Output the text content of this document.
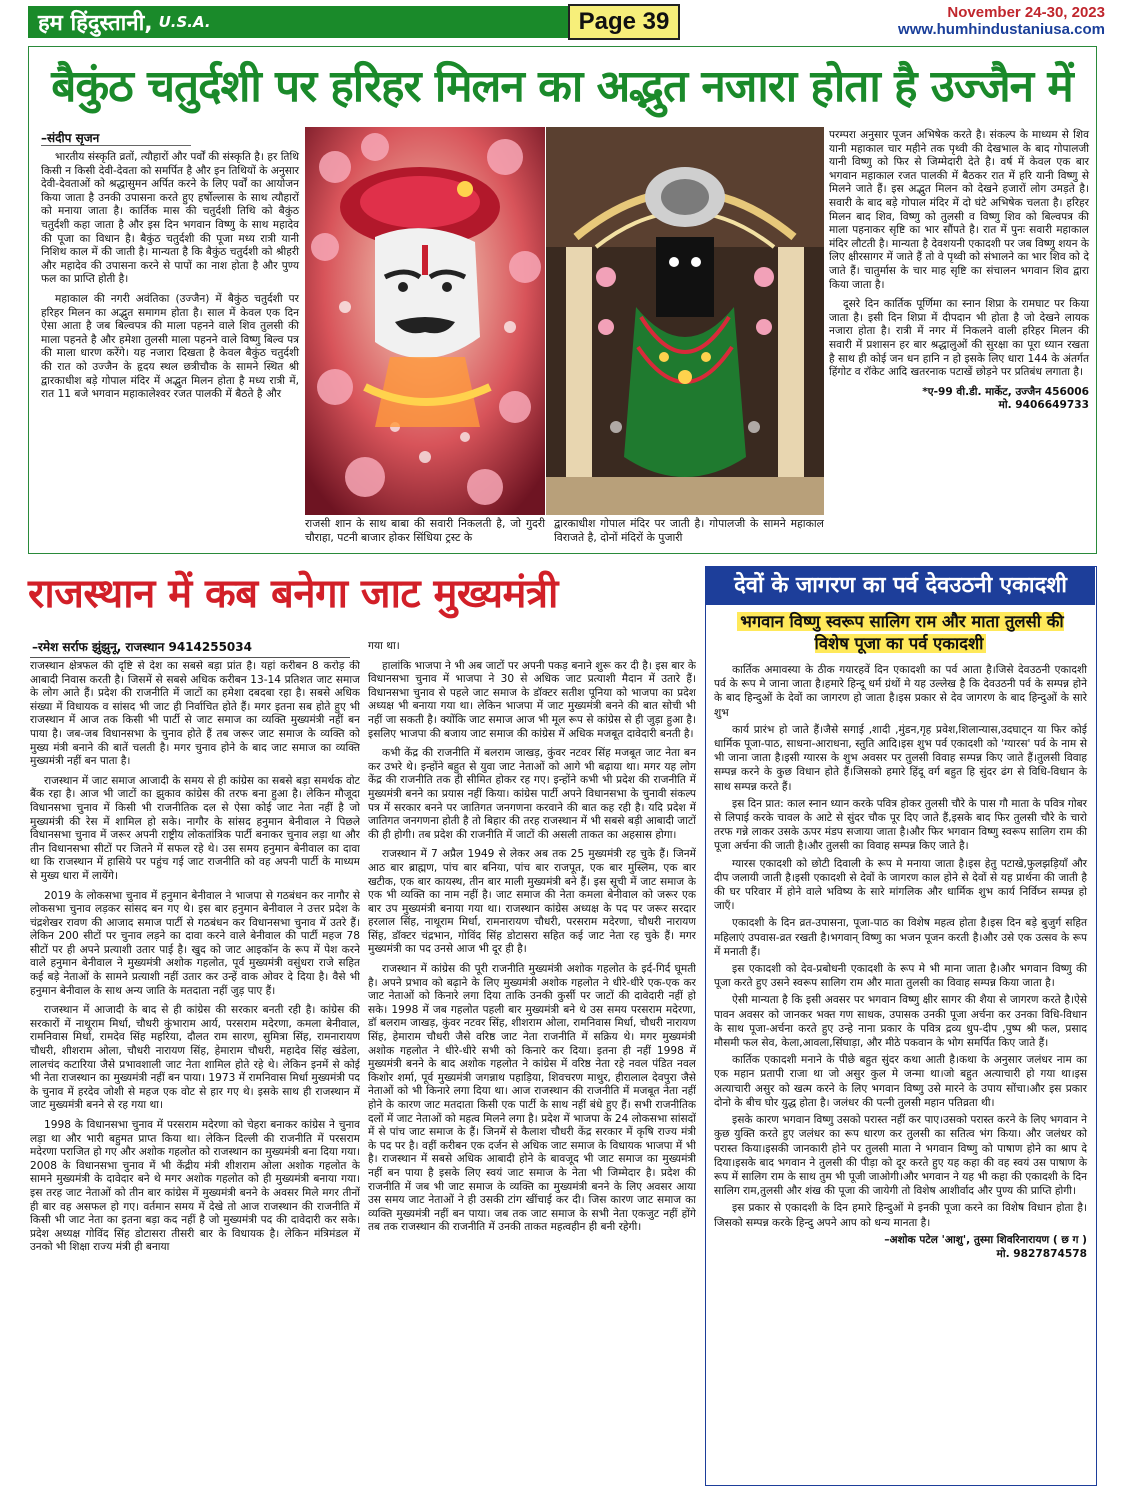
हम हिंदुस्तानी, U.S.A.	Page 39	November 24-30, 2023
www.humhindustaniusa.com
बैकुंठ चतुर्दशी पर हरिहर मिलन का अद्भुत नजारा होता है उज्जैन में
–संदीप सृजन

भारतीय संस्कृति व्रतों, त्यौहारों और पर्वों की संस्कृति है। हर तिथि किसी न किसी देवी-देवता को समर्पित है और इन तिथियों के अनुसार देवी-देवताओं को श्रद्धासुमन अर्पित करने के लिए पर्वों का आयोजन किया जाता है उनकी उपासना करते हुए हर्षोल्लास के साथ त्यौहारों को मनाया जाता है। कार्तिक मास की चतुर्दशी तिथि को बैकुंठ चतुर्दशी कहा जाता है और इस दिन भगवान विष्णु के साथ महादेव की पूजा का विधान है। बैकुंठ चतुर्दशी की पूजा मध्य रात्री यानी निशिथ काल में की जाती है। मान्यता है कि बैकुंठ चतुर्दशी को श्रीहरी और महादेव की उपासना करने से पापों का नाश होता है और पुण्य फल का प्राप्ति होती है।

महाकाल की नगरी अवंतिका (उज्जैन) में बैकुंठ चतुर्दशी पर हरिहर मिलन का अद्भुत समागम होता है। साल में केवल एक दिन ऐसा आता है जब बिल्वपत्र की माला पहनने वाले शिव तुलसी की माला पहनते है और हमेशा तुलसी माला पहनने वाले विष्णु बिल्व पत्र की माला धारण करेंगे। यह नजारा दिखता है केवल बैकुंठ चतुर्दशी की रात को उज्जैन के हृदय स्थल छत्रीचौक के सामने स्थित श्री द्वारकाधीश बड़े गोपाल मंदिर में अद्भुत मिलन होता है मध्य रात्री में, रात 11 बजे भगवान महाकालेश्वर रजत पालकी में बैठते है और

राजसी शान के साथ बाबा की सवारी निकलती है, जो गुदरी चौराहा, पटनी बाजार होकर सिंधिया ट्रस्ट के
द्वारकाधीश गोपाल मंदिर पर जाती है। गोपालजी के सामने महाकाल विराजते है, दोनों मंदिरों के पुजारी

परम्परा अनुसार पूजन अभिषेक करते है। संकल्प के माध्यम से शिव यानी महाकाल चार महीने तक पृथ्वी की देखभाल के बाद गोपालजी यानी विष्णु को फिर से जिम्मेदारी देते है। वर्ष में केवल एक बार भगवान महाकाल रजत पालकी में बैठकर रात में हरि यानी विष्णु से मिलने जाते हैं। इस अद्भुत मिलन को देखने हजारों लोग उमड़ते है। सवारी के बाद बड़े गोपाल मंदिर में दो घंटे अभिषेक चलता है। हरिहर मिलन बाद शिव, विष्णु को तुलसी व विष्णु शिव को बिल्वपत्र की माला पहनाकर सृष्टि का भार सौंपते है। रात में पुनः सवारी महाकाल मंदिर लौटती है। मान्यता है देवशयनी एकादशी पर जब विष्णु शयन के लिए क्षीरसागर में जाते हैं तो वे पृथ्वी को संभालने का भार शिव को दे जाते हैं। चातुर्मास के चार माह सृष्टि का संचालन भगवान शिव द्वारा किया जाता है।

दूसरे दिन कार्तिक पूर्णिमा का स्नान शिप्रा के रामघाट पर किया जाता है। इसी दिन शिप्रा में दीपदान भी होता है जो देखने लायक नजारा होता है। रात्री में नगर में निकलने वाली हरिहर मिलन की सवारी में प्रशासन हर बार श्रद्धालुओं की सुरक्षा का पूरा ध्यान रखता है साथ ही कोई जन धन हानि न हो इसके लिए धारा 144 के अंतर्गत हिंगोट व रॉकेट आदि खतरनाक पटाखें छोड़ने पर प्रतिबंध लगाता है।

*ए-99 वी.डी. मार्केट, उज्जैन 456006
मो. 9406649733
राजस्थान में कब बनेगा जाट मुख्यमंत्री
–रमेश सर्राफ झुंझुनू, राजस्थान 9414255034

राजस्थान क्षेत्रफल की दृष्टि से देश का सबसे बड़ा प्रांत है। यहां करीबन 8 करोड़ की आबादी निवास करती है। जिसमें से सबसे अधिक करीबन 13-14 प्रतिशत जाट समाज के लोग आते हैं। प्रदेश की राजनीति में जाटों का हमेशा दबदबा रहा है। सबसे अधिक संख्या में विधायक व सांसद भी जाट ही निर्वाचित होते हैं। मगर इतना सब होते हुए भी राजस्थान में आज तक किसी भी पार्टी से जाट समाज का व्यक्ति मुख्यमंत्री नहीं बन पाया है। जब-जब विधानसभा के चुनाव होते हैं तब जरूर जाट समाज के व्यक्ति को मुख्य मंत्री बनाने की बातें चलती है। मगर चुनाव होने के बाद जाट समाज का व्यक्ति मुख्यमंत्री नहीं बन पाता है।

राजस्थान में जाट समाज आजादी के समय से ही कांग्रेस का सबसे बड़ा समर्थक वोट बैंक रहा है। आज भी जाटों का झुकाव कांग्रेस की तरफ बना हुआ है। लेकिन मौजूदा विधानसभा चुनाव में किसी भी राजनीतिक दल से ऐसा कोई जाट नेता नहीं है जो मुख्यमंत्री की रेस में शामिल हो सके। नागौर के सांसद हनुमान बेनीवाल ने पिछले विधानसभा चुनाव में जरूर अपनी राष्ट्रीय लोकतांत्रिक पार्टी बनाकर चुनाव लड़ा था और तीन विधानसभा सीटों पर जितने में सफल रहे थे। उस समय हनुमान बेनीवाल का दावा था कि राजस्थान में हासिये पर पहुंच गई जाट राजनीति को वह अपनी पार्टी के माध्यम से मुख्य धारा में लायेंगे।

2019 के लोकसभा चुनाव में हनुमान बेनीवाल ने भाजपा से गठबंधन कर नागौर से लोकसभा चुनाव लड़कर सांसद बन गए थे। इस बार हनुमान बेनीवाल ने उत्तर प्रदेश के चंद्रशेखर रावण की आजाद समाज पार्टी से गठबंधन कर विधानसभा चुनाव में उतरे हैं। लेकिन 200 सीटों पर चुनाव लड़ने का दावा करने वाले बेनीवाल की पार्टी महज 78 सीटों पर ही अपने प्रत्याशी उतार पाई है। खुद को जाट आइकॉन के रूप में पेश करने वाले हनुमान बेनीवाल ने मुख्यमंत्री अशोक गहलोत, पूर्व मुख्यमंत्री वसुंधरा राजे सहित कई बड़े नेताओं के सामने प्रत्याशी नहीं उतार कर उन्हें वाक ओवर दे दिया है। वैसे भी हनुमान बेनीवाल के साथ अन्य जाति के मतदाता नहीं जुड़ पाए हैं।

राजस्थान में आजादी के बाद से ही कांग्रेस की सरकार बनती रही है। कांग्रेस की सरकारों में नाथूराम मिर्धा, चौधरी कुंभाराम आर्य, परसराम मदेरणा, कमला बेनीवाल, रामनिवास मिर्धा, रामदेव सिंह महरिया, दौलत राम सारण, सुमित्रा सिंह, रामनारायण चौधरी, शीशराम ओला, चौधरी नारायण सिंह, हेमाराम चौधरी, महादेव सिंह खंडेला, लालचंद कटारिया जैसे प्रभावशाली जाट नेता शामिल होते रहे थे। लेकिन इनमें से कोई भी नेता राजस्थान का मुख्यमंत्री नहीं बन पाया। 1973 में रामनिवास मिर्धा मुख्यमंत्री पद के चुनाव में हरदेव जोशी से महज एक वोट से हार गए थे। इसके साथ ही राजस्थान में जाट मुख्यमंत्री बनने से रह गया था।

1998 के विधानसभा चुनाव में परसराम मदेरणा को चेहरा बनाकर कांग्रेस ने चुनाव लड़ा था और भारी बहुमत प्राप्त किया था। लेकिन दिल्ली की राजनीति में परसराम मदेरणा पराजित हो गए और अशोक गहलोत को राजस्थान का मुख्यमंत्री बना दिया गया। 2008 के विधानसभा चुनाव में भी केंद्रीय मंत्री शीशराम ओला अशोक गहलोत के सामने मुख्यमंत्री के दावेदार बने थे मगर अशोक गहलोत को ही मुख्यमंत्री बनाया गया। इस तरह जाट नेताओं को तीन बार कांग्रेस में मुख्यमंत्री बनने के अवसर मिले मगर तीनों ही बार वह असफल हो गए। वर्तमान समय में देखे तो आज राजस्थान की राजनीति में किसी भी जाट नेता का इतना बड़ा कद नहीं है जो मुख्यमंत्री पद की दावेदारी कर सके। प्रदेश अध्यक्ष गोविंद सिंह डोटासरा तीसरी बार के विधायक है। लेकिन मंत्रिमंडल में उनको भी शिक्षा राज्य मंत्री ही बनाया

गया था।

हालांकि भाजपा ने भी अब जाटों पर अपनी पकड़ बनाने शुरू कर दी है। इस बार के विधानसभा चुनाव में भाजपा ने 30 से अधिक जाट प्रत्याशी मैदान में उतारे हैं। विधानसभा चुनाव से पहले जाट समाज के डॉक्टर सतीश पूनिया को भाजपा का प्रदेश अध्यक्ष भी बनाया गया था। लेकिन भाजपा में जाट मुख्यमंत्री बनने की बात सोची भी नहीं जा सकती है। क्योंकि जाट समाज आज भी मूल रूप से कांग्रेस से ही जुड़ा हुआ है। इसलिए भाजपा की बजाय जाट समाज की कांग्रेस में अधिक मजबूत दावेदारी बनती है।

कभी केंद्र की राजनीति में बलराम जाखड़, कुंवर नटवर सिंह मजबूत जाट नेता बन कर उभरे थे। इन्होंने बहुत से युवा जाट नेताओं को आगे भी बढ़ाया था। मगर यह लोग केंद्र की राजनीति तक ही सीमित होकर रह गए। इन्होंने कभी भी प्रदेश की राजनीति में मुख्यमंत्री बनने का प्रयास नहीं किया। कांग्रेस पार्टी अपने विधानसभा के चुनावी संकल्प पत्र में सरकार बनने पर जातिगत जनगणना करवाने की बात कह रही है। यदि प्रदेश में जातिगत जनगणना होती है तो बिहार की तरह राजस्थान में भी सबसे बड़ी आबादी जाटों की ही होगी। तब प्रदेश की राजनीति में जाटों की असली ताकत का अहसास होगा।

राजस्थान में 7 अप्रैल 1949 से लेकर अब तक 25 मुख्यमंत्री रह चुके हैं। जिनमें आठ बार ब्राह्मण, पांच बार बनिया, पांच बार राजपूत, एक बार मुस्लिम, एक बार खटीक, एक बार कायस्थ, तीन बार माली मुख्यमंत्री बने हैं। इस सूची में जाट समाज के एक भी व्यक्ति का नाम नहीं है। जाट समाज की नेता कमला बेनीवाल को जरूर एक बार उप मुख्यमंत्री बनाया गया था। राजस्थान कांग्रेस अध्यक्ष के पद पर जरूर सरदार हरलाल सिंह, नाथूराम मिर्धा, रामनारायण चौधरी, परसराम मदेरणा, चौधरी नारायण सिंह, डॉक्टर चंद्रभान, गोविंद सिंह डोटासरा सहित कई जाट नेता रह चुके हैं। मगर मुख्यमंत्री का पद उनसे आज भी दूर ही है।

राजस्थान में कांग्रेस की पूरी राजनीति मुख्यमंत्री अशोक गहलोत के इर्द-गिर्द घूमती है। अपने प्रभाव को बढ़ाने के लिए मुख्यमंत्री अशोक गहलोत ने धीरे-धीरे एक-एक कर जाट नेताओं को किनारे लगा दिया ताकि उनकी कुर्सी पर जाटों की दावेदारी नहीं हो सके। 1998 में जब गहलोत पहली बार मुख्यमंत्री बने थे उस समय परसराम मदेरणा, डॉ बलराम जाखड़, कुंवर नटवर सिंह, शीशराम ओला, रामनिवास मिर्धा, चौधरी नारायण सिंह, हेमाराम चौधरी जैसे वरिष्ठ जाट नेता राजनीति में सक्रिय थे। मगर मुख्यमंत्री अशोक गहलोत ने धीरे-धीरे सभी को किनारे कर दिया। इतना ही नहीं 1998 में मुख्यमंत्री बनने के बाद अशोक गहलोत ने कांग्रेस में वरिष्ठ नेता रहे नवल पंडित नवल किशोर शर्मा, पूर्व मुख्यमंत्री जगन्नाथ पहाड़िया, शिवचरण माथुर, हीरालाल देवपुरा जैसे नेताओं को भी किनारे लगा दिया था। आज राजस्थान की राजनीति में मजबूत नेता नहीं होने के कारण जाट मतदाता किसी एक पार्टी के साथ नहीं बंधे हुए हैं। सभी राजनीतिक दलों में जाट नेताओं को महत्व मिलने लगा है। प्रदेश में भाजपा के 24 लोकसभा सांसदों में से पांच जाट समाज के हैं। जिनमें से कैलाश चौधरी केंद्र सरकार में कृषि राज्य मंत्री के पद पर है। वहीं करीबन एक दर्जन से अधिक जाट समाज के विधायक भाजपा में भी है। राजस्थान में सबसे अधिक आबादी होने के बावजूद भी जाट समाज का मुख्यमंत्री नहीं बन पाया है इसके लिए स्वयं जाट समाज के नेता भी जिम्मेदार है। प्रदेश की राजनीति में जब भी जाट समाज के व्यक्ति का मुख्यमंत्री बनने के लिए अवसर आया उस समय जाट नेताओं ने ही उसकी टांग खींचाई कर दी। जिस कारण जाट समाज का व्यक्ति मुख्यमंत्री नहीं बन पाया। जब तक जाट समाज के सभी नेता एकजुट नहीं होंगे तब तक राजस्थान की राजनीति में उनकी ताकत महत्वहीन ही बनी रहेगी।

देवों के जागरण का पर्व देवउठनी एकादशी
भगवान विष्णु स्वरूप सालिग राम और माता तुलसी की विशेष पूजा का पर्व एकादशी

कार्तिक अमावस्या के ठीक गयारहवें दिन एकादशी का पर्व आता है।जिसे देवउठनी एकादशी पर्व के रूप मे जाना जाता है।हमारे हिन्दू धर्म ग्रंथों मे यह उल्लेख है कि देवउठनी पर्व के सम्पन्न होने के बाद हिन्दुओं के देवों का जागरण हो जाता है।इस प्रकार से देव जागरण के बाद हिन्दुओं के सारे शुभ

कार्य प्रारंभ हो जाते हैं।जैसे सगाई ,शादी ,मुंडन,गृह प्रवेश,शिलान्यास,उदघाट्न या फिर कोई धार्मिक पूजा-पाठ, साधना-आराधना, स्तुति आदि।इस शुभ पर्व एकादशी को 'ग्यारस' पर्व के नाम से भी जाना जाता है।इसी ग्यारस के शुभ अवसर पर तुलसी विवाह सम्पन्न किए जाते हैं।तुलसी विवाह सम्पन्न करने के कुछ विधान होते हैं।जिसको हमारे हिंदू वर्ग बहुत हि सुंदर ढंग से विधि-विधान के साथ सम्पन्न करते हैं।

इस दिन प्रात: काल स्नान ध्यान करके पवित्र होकर तुलसी चौरे के पास गौ माता के पवित्र गोबर से लिपाई करके चावल के आटे से सुंदर चौक पूर दिए जाते हैं,इसके बाद फिर तुलसी चौरे के चारो तरफ गन्ने लाकर उसके ऊपर मंडप सजाया जाता है।और फिर भगवान विष्णु स्वरूप सालिग राम की पूजा अर्चना की जाती है।और तुलसी का विवाह सम्पन्न किए जाते है।

ग्यारस एकादशी को छोटी दिवाली के रूप मे मनाया जाता है।इस हेतु पटाखे,फुलझड़ियाँ और दीप जलायी जाती है।इसी एकादशी से देवों के जागरण काल होने से देवों से यह प्रार्थना की जाती है की घर परिवार में होने वाले भविष्य के सारे मांगलिक और धार्मिक शुभ कार्य निर्विघ्न सम्पन्न हो जाएँ।

एकादशी के दिन व्रत-उपासना, पूजा-पाठ का विशेष महत्व होता है।इस दिन बड़े बुजुर्ग सहित महिलाएं उपवास-व्रत रखती है।भगवान् विष्णु का भजन पूजन करती है।और उसे एक उत्सव के रूप में मनाती हैं।

इस एकादशी को देव-प्रबोधनी एकादशी के रूप मे भी माना जाता है।और भगवान विष्णु की पूजा करते हुए उसने स्वरूप सालिग राम और माता तुलसी का विवाह सम्पन्न किया जाता है।

ऐसी मान्यता है कि इसी अवसर पर भगवान विष्णु क्षीर सागर की शैया से जागरण करते है।ऐसे पावन अवसर को जानकर भक्त गण साधक, उपासक उनकी पूजा अर्चना कर उनका विधि-विधान के साथ पूजा-अर्चना करते हुए उन्हे नाना प्रकार के पवित्र द्रव्य धुप-दीप ,पुष्प श्री फल, प्रसाद मौसमी फल सेव, केला,आवला,सिंघाड़ा, और मीठे पकवान के भोग समर्पित किए जाते हैं।

कार्तिक एकादशी मनाने के पीछे बहुत सुंदर कथा आती है।कथा के अनुसार जलंधर नाम का एक महान प्रतापी राजा था जो असुर कुल मे जन्मा था।जो बहुत अत्याचारी हो गया था।इस अत्याचारी असुर को खत्म करने के लिए भगवान विष्णु उसे मारने के उपाय सोंचा।और इस प्रकार दोनो के बीच घोर युद्ध होता है। जलंधर की पत्नी तुलसी महान पतिव्रता थी।

इसके कारण भगवान विष्णु उसको परास्त नहीं कर पाए।उसको परास्त करने के लिए भगवान ने कुछ युक्ति करते हुए जलंधर का रूप धारण कर तुलसी का सतित्व भंग किया। और जलंधर को परास्त किया।इसकी जानकारी होने पर तुलसी माता ने भगवान विष्णु को पाषाण होने का श्राप दे दिया।इसके बाद भगवान ने तुलसी की पीड़ा को दूर करते हुए यह कहा की वह स्वयं उस पाषाण के रूप में सालिग राम के साथ तुम भी पूजी जाओगी।और भगवान ने यह भी कहा की एकादशी के दिन सालिग राम,तुलसी और शंख की पूजा की जायेगी तो विशेष आशीर्वाद और पुण्य की प्राप्ति होगी।

इस प्रकार से एकादशी के दिन हमारे हिन्दुओं मे इनकी पूजा करने का विशेष विधान होता है।जिसको सम्पन्न करके हिन्दु अपने आप को धन्य मानता है।

–अशोक पटेल 'आशु', तुस्मा शिवरिनारायण ( छ ग )
मो. 9827874578
